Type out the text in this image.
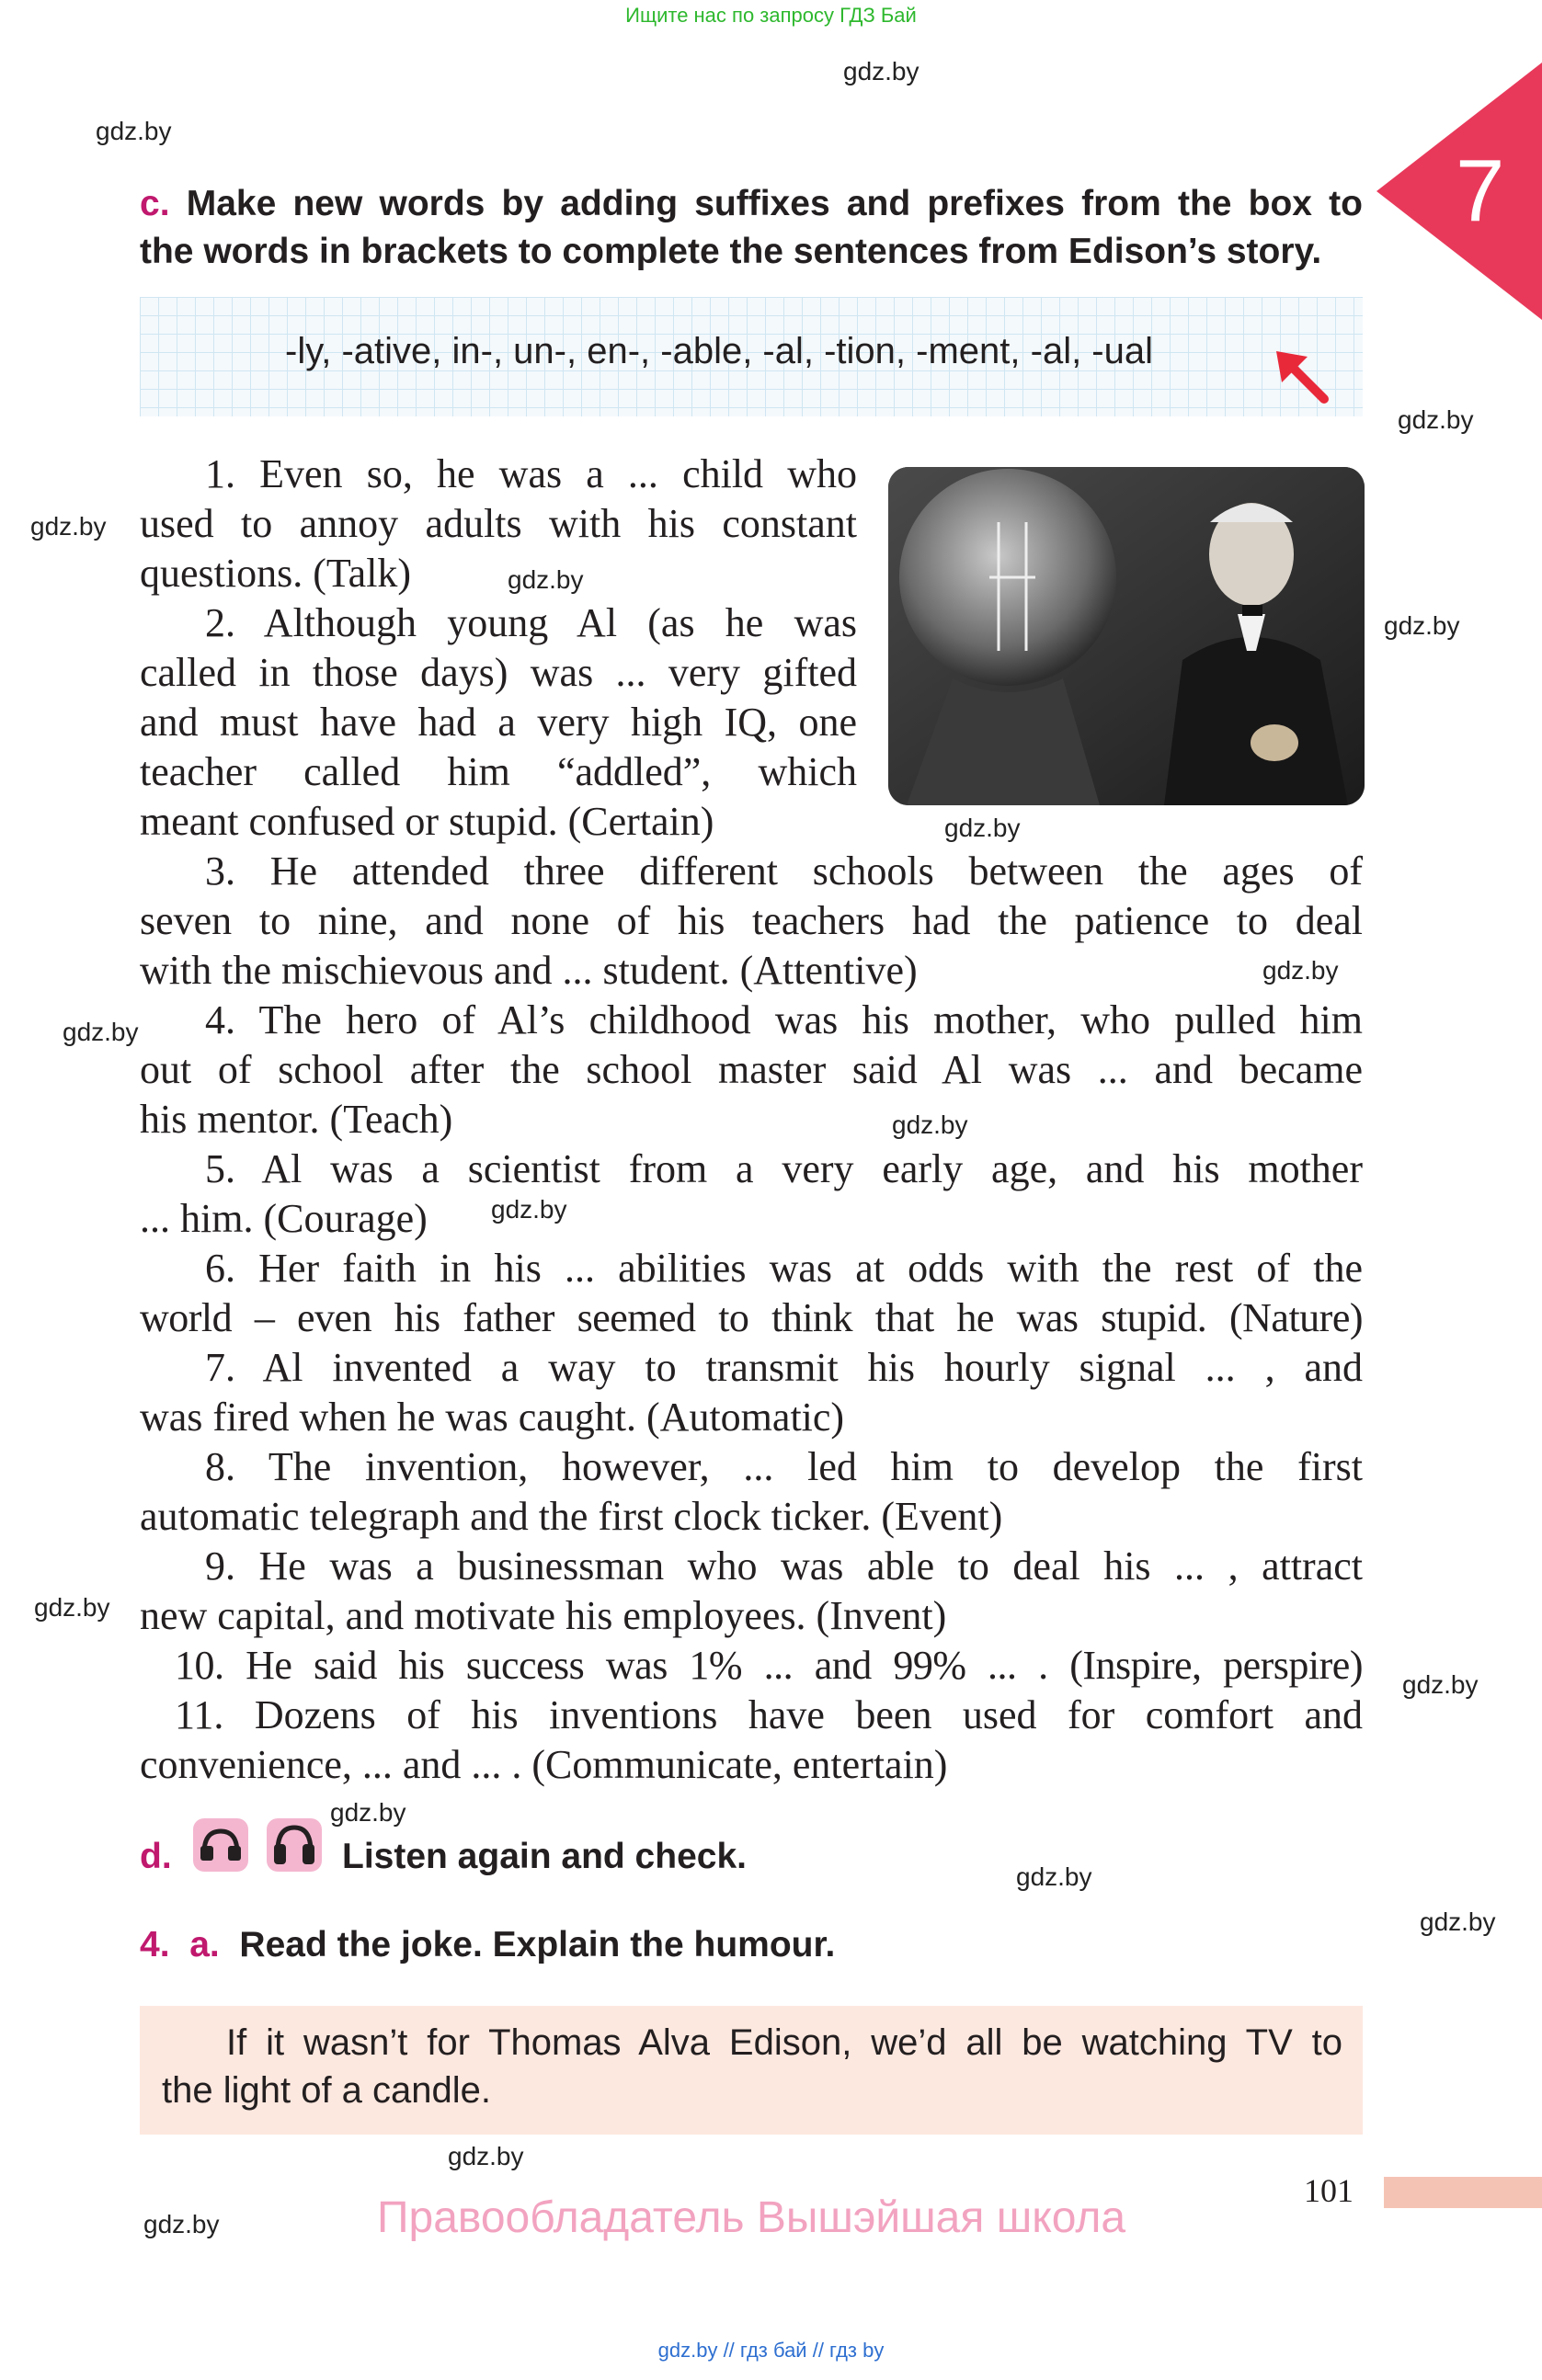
Ищите нас по запросу ГДЗ Бай
gdz.by // гдз бай // гдз by
gdz.by
gdz.by
gdz.by
gdz.by
gdz.by
gdz.by
gdz.by
gdz.by
gdz.by
gdz.by
gdz.by
gdz.by
gdz.by
gdz.by
gdz.by
gdz.by
gdz.by
gdz.by
7
c. Make new words by adding suffixes and prefixes from the box to
the words in brackets to complete the sentences from Edison’s story.
-ly, -ative, in-, un-, en-, -able, -al, -tion, -ment, -al, -ual
1. Even so, he was a ... child who
used to annoy adults with his constant
questions. (Talk)
2. Although young Al (as he was
called in those days) was ... very gifted
and must have had a very high IQ, one
teacher called him “addled”, which
meant confused or stupid. (Certain)
3. He attended three different schools between the ages of
seven to nine, and none of his teachers had the patience to deal
with the mischievous and ... student. (Attentive)
4. The hero of Al’s childhood was his mother, who pulled him
out of school after the school master said Al was ... and became
his mentor. (Teach)
5. Al was a scientist from a very early age, and his mother
... him. (Courage)
6. Her faith in his ... abilities was at odds with the rest of the
world – even his father seemed to think that he was stupid. (Nature)
7. Al invented a way to transmit his hourly signal ... , and
was fired when he was caught. (Automatic)
8. The invention, however, ... led him to develop the first
automatic telegraph and the first clock ticker. (Event)
9. He was a businessman who was able to deal his ... , attract
new capital, and motivate his employees. (Invent)
10. He said his success was 1% ... and 99% ... . (Inspire, perspire)
11. Dozens of his inventions have been used for comfort and
convenience, ... and ... . (Communicate, entertain)
d.	Listen again and check.
4. a. Read the joke. Explain the humour.
If it wasn’t for Thomas Alva Edison, we’d all be watching TV to
the light of a candle.
101
Правообладатель Вышэйшая школа
